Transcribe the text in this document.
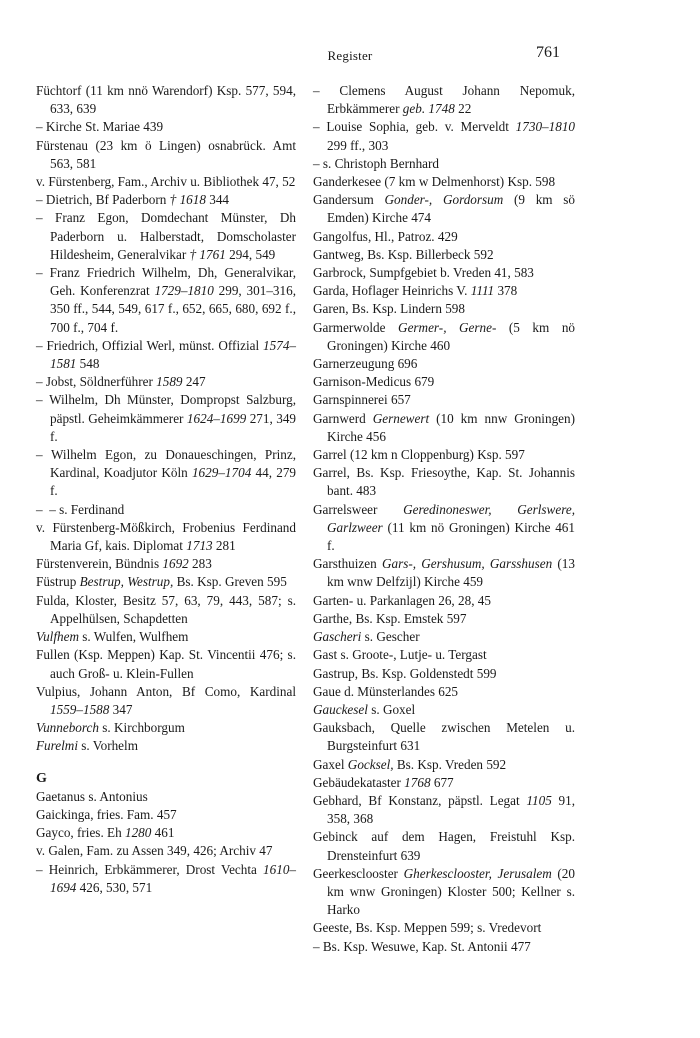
Register	761

Füchtorf (11 km nnö Warendorf) Ksp. 577, 594, 633, 639

– Kirche St. Mariae 439

Fürstenau (23 km ö Lingen) osnabrück. Amt 563, 581

v. Fürstenberg, Fam., Archiv u. Bibliothek 47, 52

– Dietrich, Bf Paderborn † 1618 344

– Franz Egon, Domdechant Münster, Dh Paderborn u. Halberstadt, Domscholaster Hildesheim, Generalvikar † 1761 294, 549

– Franz Friedrich Wilhelm, Dh, Generalvikar, Geh. Konferenzrat 1729–1810 299, 301–316, 350 ff., 544, 549, 617 f., 652, 665, 680, 692 f., 700 f., 704 f.

– Friedrich, Offizial Werl, münst. Offizial 1574–1581 548

– Jobst, Söldnerführer 1589 247

– Wilhelm, Dh Münster, Dompropst Salzburg, päpstl. Geheimkämmerer 1624–1699 271, 349 f.

– Wilhelm Egon, zu Donaueschingen, Prinz, Kardinal, Koadjutor Köln 1629–1704 44, 279 f.

–  – s. Ferdinand

v. Fürstenberg-Mößkirch, Frobenius Ferdinand Maria Gf, kais. Diplomat 1713 281

Fürstenverein, Bündnis 1692 283

Füstrup Bestrup, Westrup, Bs. Ksp. Greven 595

Fulda, Kloster, Besitz 57, 63, 79, 443, 587; s. Appelhülsen, Schapdetten

Vulfhem s. Wulfen, Wulfhem

Fullen (Ksp. Meppen) Kap. St. Vincentii 476; s. auch Groß- u. Klein-Fullen

Vulpius, Johann Anton, Bf Como, Kardinal 1559–1588 347

Vunneborch s. Kirchborgum

Furelmi s. Vorhelm

G

Gaetanus s. Antonius

Gaickinga, fries. Fam. 457

Gayco, fries. Eh 1280 461

v. Galen, Fam. zu Assen 349, 426; Archiv 47

– Heinrich, Erbkämmerer, Drost Vechta 1610–1694 426, 530, 571

– Clemens August Johann Nepomuk, Erbkämmerer geb. 1748 22

– Louise Sophia, geb. v. Merveldt 1730–1810 299 ff., 303

– s. Christoph Bernhard

Ganderkesee (7 km w Delmenhorst) Ksp. 598

Gandersum Gonder-, Gordorsum (9 km sö Emden) Kirche 474

Gangolfus, Hl., Patroz. 429

Gantweg, Bs. Ksp. Billerbeck 592

Garbrock, Sumpfgebiet b. Vreden 41, 583

Garda, Hoflager Heinrichs V. 1111 378

Garen, Bs. Ksp. Lindern 598

Garmerwolde Germer-, Gerne- (5 km nö Groningen) Kirche 460

Garnerzeugung 696

Garnison-Medicus 679

Garnspinnerei 657

Garnwerd Gernewert (10 km nnw Groningen) Kirche 456

Garrel (12 km n Cloppenburg) Ksp. 597

Garrel, Bs. Ksp. Friesoythe, Kap. St. Johannis bant. 483

Garrelsweer Geredinoneswer, Gerlswere, Garlzweer (11 km nö Groningen) Kirche 461 f.

Garsthuizen Gars-, Gershusum, Garsshusen (13 km wnw Delfzijl) Kirche 459

Garten- u. Parkanlagen 26, 28, 45

Garthe, Bs. Ksp. Emstek 597

Gascheri s. Gescher

Gast s. Groote-, Lutje- u. Tergast

Gastrup, Bs. Ksp. Goldenstedt 599

Gaue d. Münsterlandes 625

Gauckesel s. Goxel

Gauksbach, Quelle zwischen Metelen u. Burgsteinfurt 631

Gaxel Gocksel, Bs. Ksp. Vreden 592

Gebäudekataster 1768 677

Gebhard, Bf Konstanz, päpstl. Legat 1105 91, 358, 368

Gebinck auf dem Hagen, Freistuhl Ksp. Drensteinfurt 639

Geerkesclooster Gherkesclooster, Jerusalem (20 km wnw Groningen) Kloster 500; Kellner s. Harko

Geeste, Bs. Ksp. Meppen 599; s. Vredevort

– Bs. Ksp. Wesuwe, Kap. St. Antonii 477
